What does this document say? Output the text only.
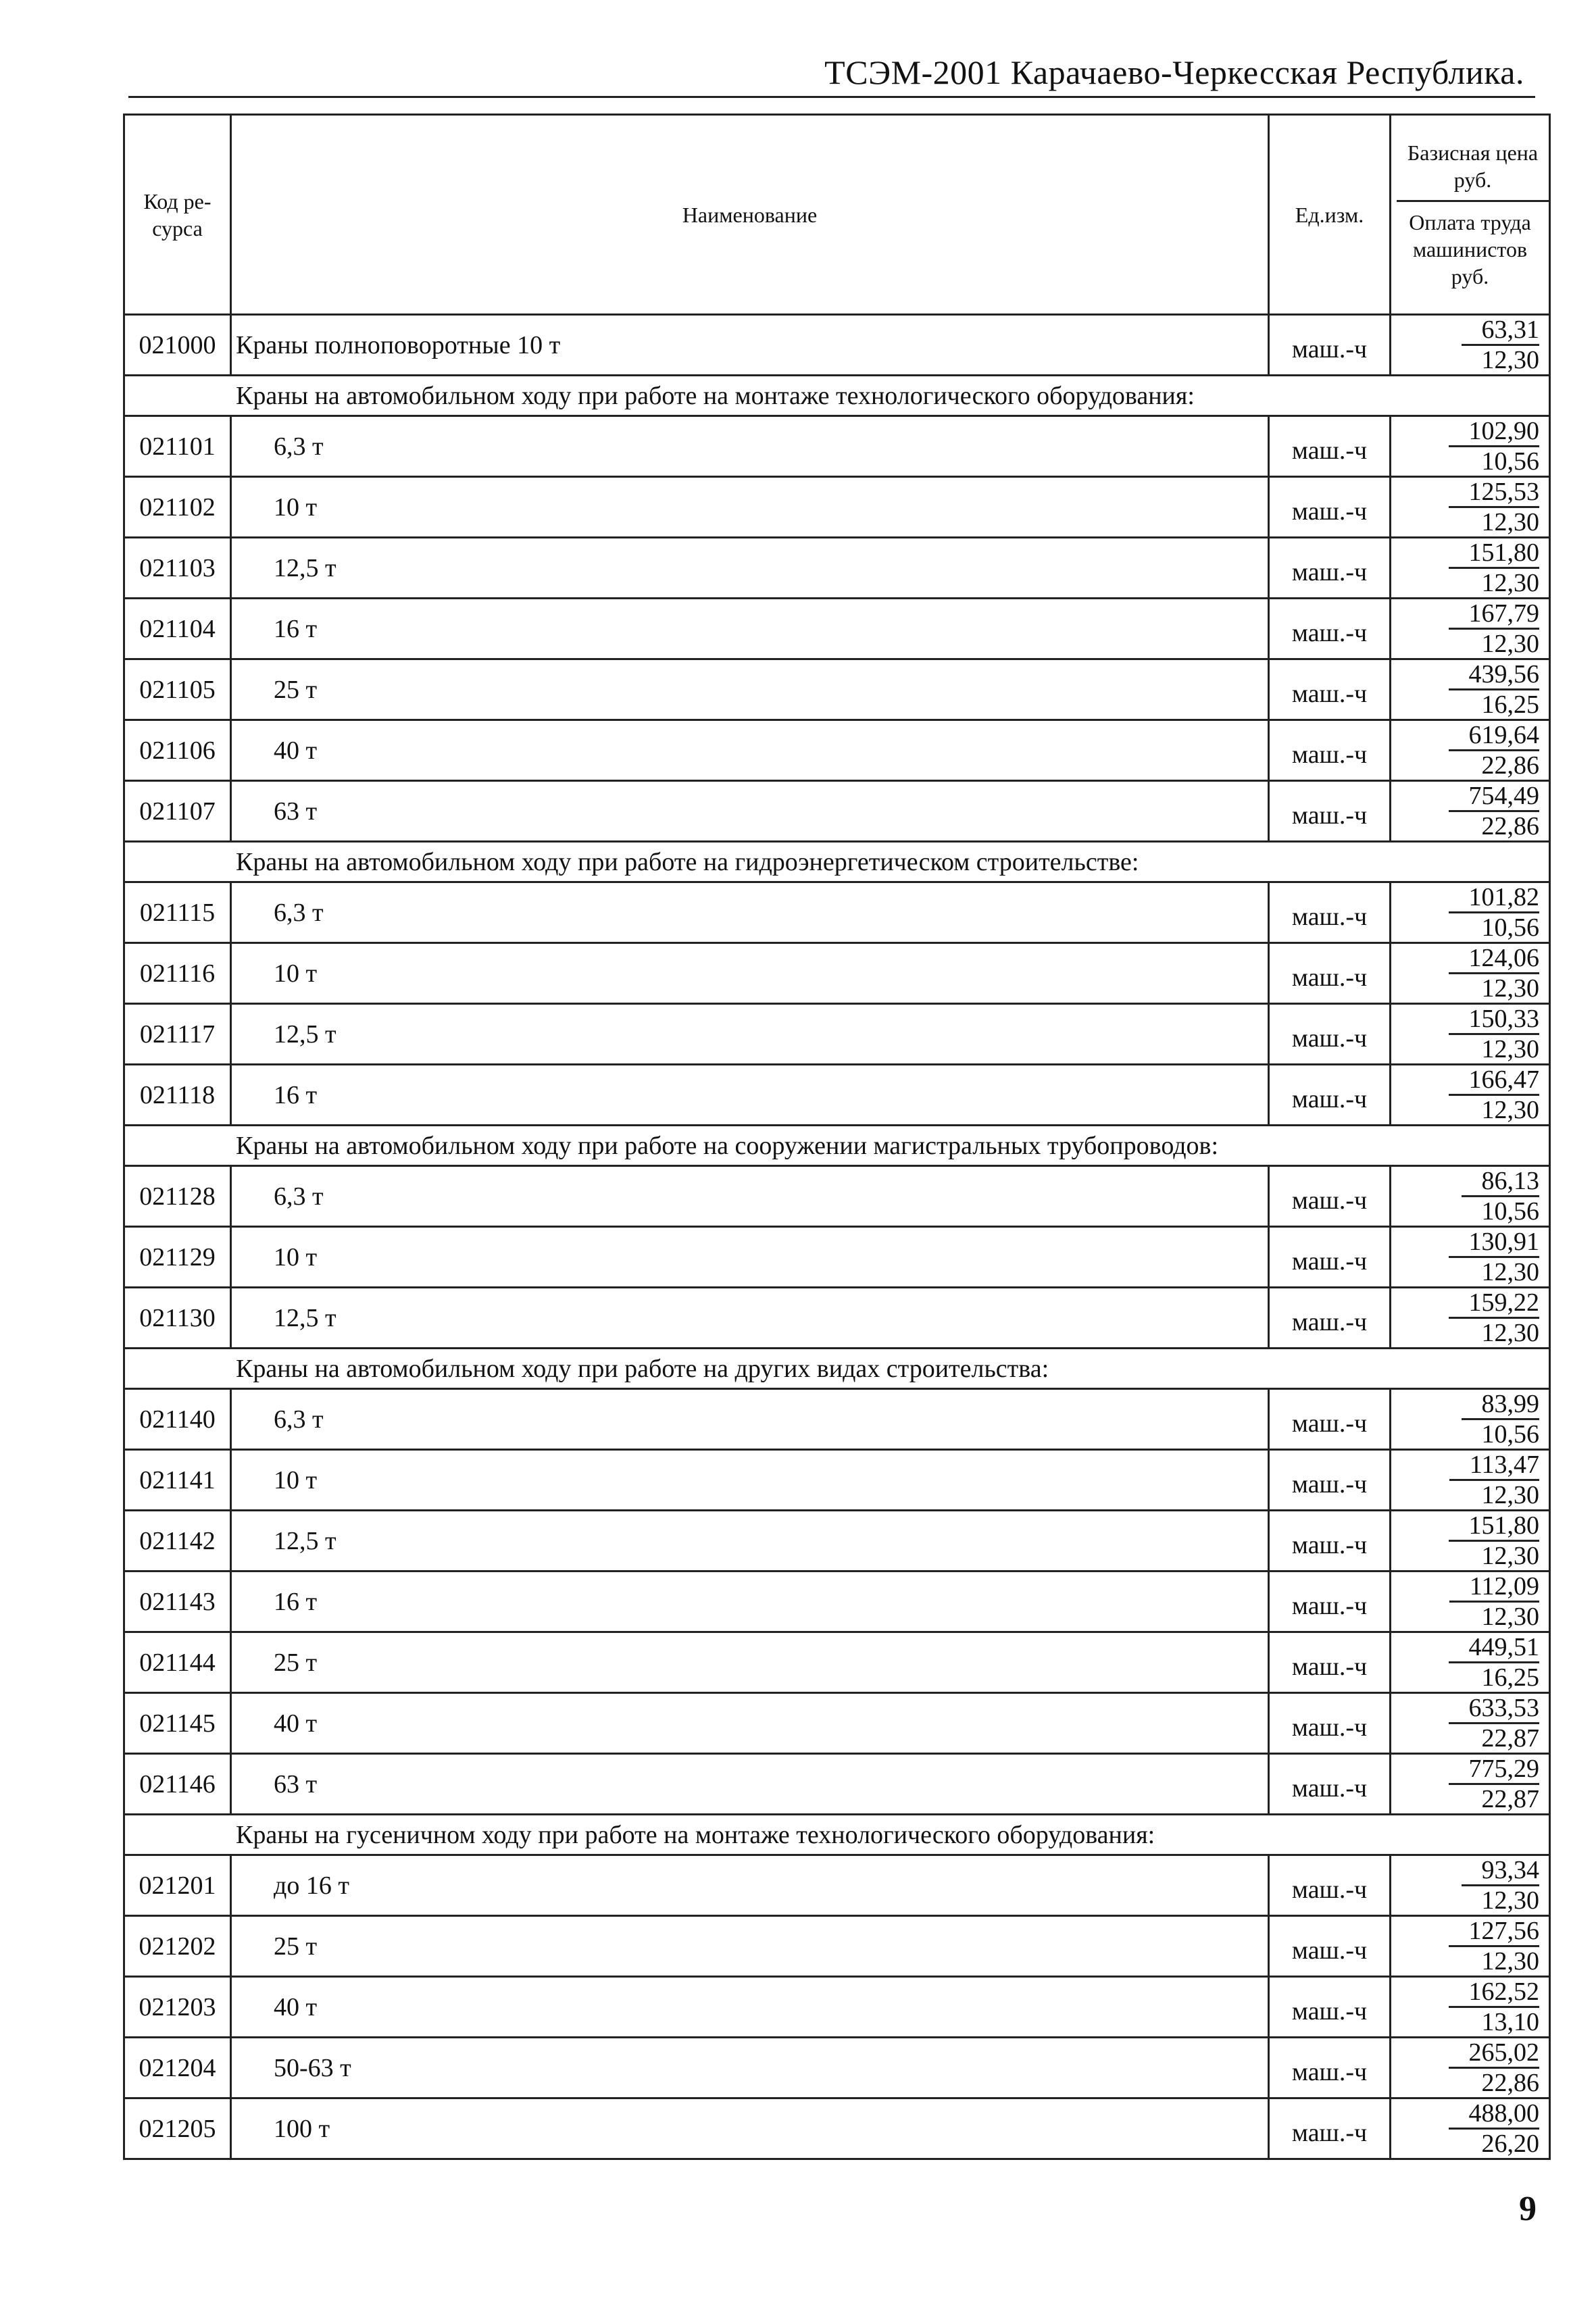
ТСЭМ-2001 Карачаево-Черкесская Республика.
Код ре-сурса	Наименование	Ед.изм.	Базисная цена руб.
Оплата труда машинистов руб.

021000	Краны полноповоротные 10 т	маш.-ч	63,31
12,30

Краны на автомобильном ходу при работе на монтаже технологического оборудования:			
021101	6,3 т	маш.-ч	102,90
10,56

021102	10 т	маш.-ч	125,53
12,30

021103	12,5 т	маш.-ч	151,80
12,30

021104	16 т	маш.-ч	167,79
12,30

021105	25 т	маш.-ч	439,56
16,25

021106	40 т	маш.-ч	619,64
22,86

021107	63 т	маш.-ч	754,49
22,86

Краны на автомобильном ходу при работе на гидроэнергетическом строительстве:			
021115	6,3 т	маш.-ч	101,82
10,56

021116	10 т	маш.-ч	124,06
12,30

021117	12,5 т	маш.-ч	150,33
12,30

021118	16 т	маш.-ч	166,47
12,30

Краны на автомобильном ходу при работе на сооружении магистральных трубопроводов:			
021128	6,3 т	маш.-ч	86,13
10,56

021129	10 т	маш.-ч	130,91
12,30

021130	12,5 т	маш.-ч	159,22
12,30

Краны на автомобильном ходу при работе на других видах строительства:			
021140	6,3 т	маш.-ч	83,99
10,56

021141	10 т	маш.-ч	113,47
12,30

021142	12,5 т	маш.-ч	151,80
12,30

021143	16 т	маш.-ч	112,09
12,30

021144	25 т	маш.-ч	449,51
16,25

021145	40 т	маш.-ч	633,53
22,87

021146	63 т	маш.-ч	775,29
22,87

Краны на гусеничном ходу при работе на монтаже технологического оборудования:			
021201	до 16 т	маш.-ч	93,34
12,30

021202	25 т	маш.-ч	127,56
12,30

021203	40 т	маш.-ч	162,52
13,10

021204	50-63 т	маш.-ч	265,02
22,86

021205	100 т	маш.-ч	488,00
26,20
9
